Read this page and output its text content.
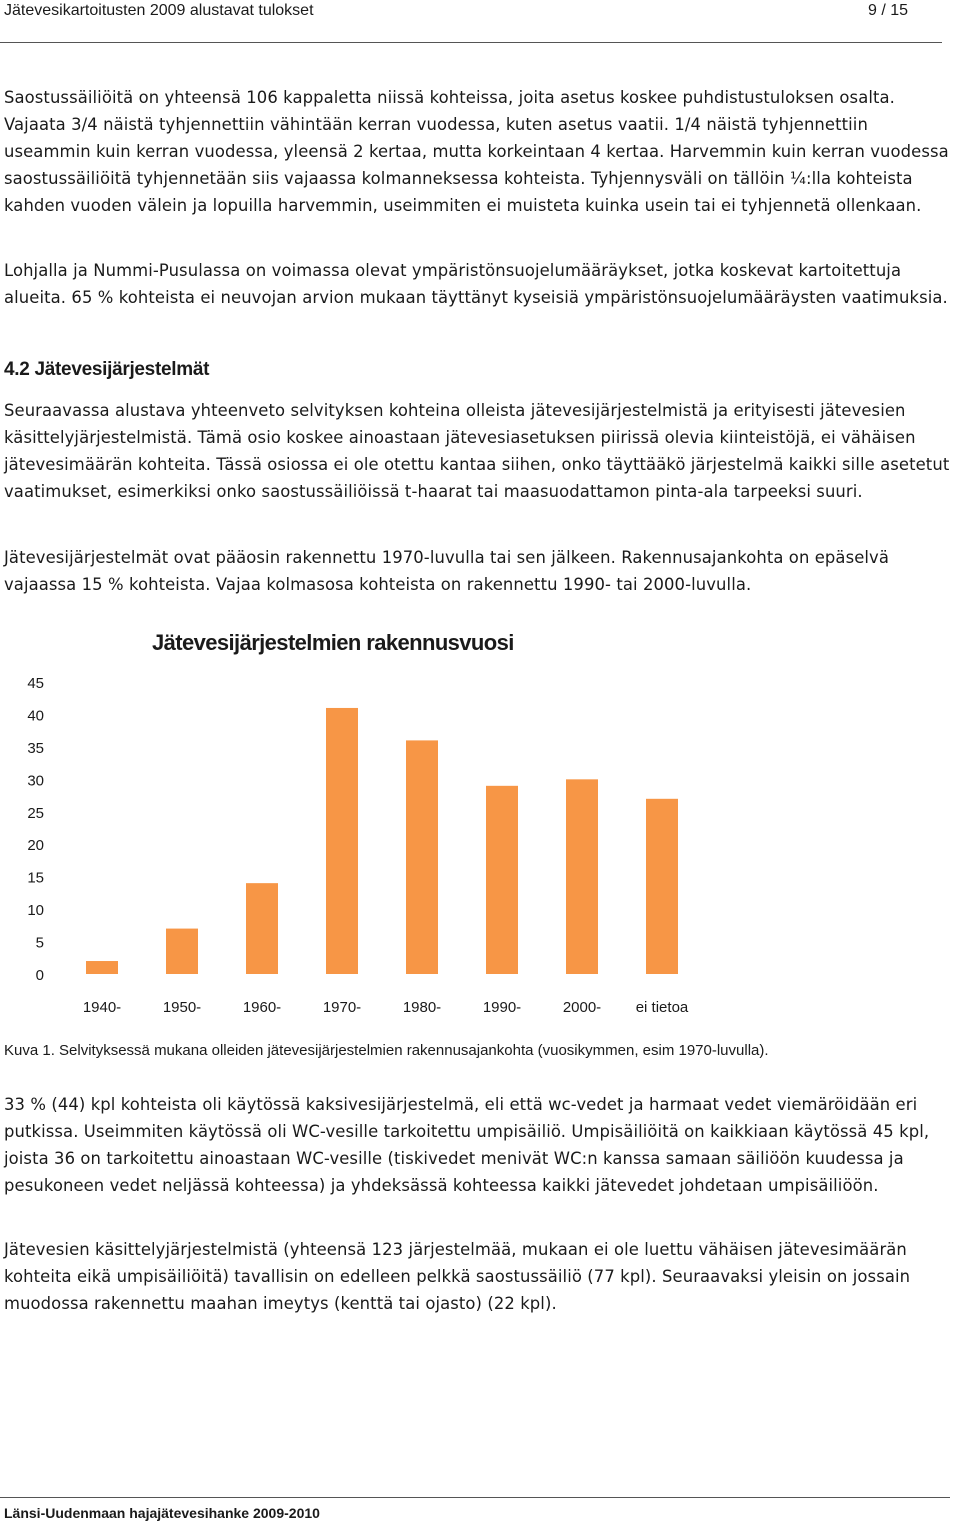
Jätevesikartoitusten 2009 alustavat tulokset	9 / 15

Saostussäiliöitä on yhteensä 106 kappaletta niissä kohteissa, joita asetus koskee puhdistustuloksen osalta. Vajaata 3/4 näistä tyhjennettiin vähintään kerran vuodessa, kuten asetus vaatii. 1/4 näistä tyhjennettiin useammin kuin kerran vuodessa, yleensä 2 kertaa, mutta korkeintaan 4 kertaa. Harvemmin kuin kerran vuodessa saostussäiliöitä tyhjennetään siis vajaassa kolmanneksessa kohteista. Tyhjennysväli on tällöin ¼:lla kohteista kahden vuoden välein ja lopuilla harvemmin, useimmiten ei muisteta kuinka usein tai ei tyhjennetä ollenkaan.

Lohjalla ja Nummi-Pusulassa on voimassa olevat ympäristönsuojelumääräykset, jotka koskevat kartoitettuja alueita. 65 % kohteista ei neuvojan arvion mukaan täyttänyt kyseisiä ympäristönsuojelumääräysten vaatimuksia.

4.2 Jätevesijärjestelmät

Seuraavassa alustava yhteenveto selvityksen kohteina olleista jätevesijärjestelmistä ja erityisesti jätevesien käsittelyjärjestelmistä. Tämä osio koskee ainoastaan jätevesiasetuksen piirissä olevia kiinteistöjä, ei vähäisen jätevesimäärän kohteita. Tässä osiossa ei ole otettu kantaa siihen, onko täyttääkö järjestelmä kaikki sille asetetut vaatimukset, esimerkiksi onko saostussäiliöissä t-haarat tai maasuodattamon pinta-ala tarpeeksi suuri.

Jätevesijärjestelmät ovat pääosin rakennettu 1970-luvulla tai sen jälkeen. Rakennusajankohta on epäselvä vajaassa 15 % kohteista. Vajaa kolmasosa kohteista on rakennettu 1990- tai 2000-luvulla.

Jätevesijärjestelmien rakennusvuosi
0
5
10
15
20
25
30
35
40
45
1940-	1950-	1960-	1970-	1980-	1990-	2000- ei tietoa

Kuva 1. Selvityksessä mukana olleiden jätevesijärjestelmien rakennusajankohta (vuosikymmen, esim 1970-luvulla).

33 % (44) kpl kohteista oli käytössä kaksivesijärjestelmä, eli että wc-vedet ja harmaat vedet viemäröidään eri putkissa. Useimmiten käytössä oli WC-vesille tarkoitettu umpisäiliö. Umpisäiliöitä on kaikkiaan käytössä 45 kpl, joista 36 on tarkoitettu ainoastaan WC-vesille (tiskivedet menivät WC:n kanssa samaan säiliöön kuudessa ja pesukoneen vedet neljässä kohteessa) ja yhdeksässä kohteessa kaikki jätevedet johdetaan umpisäiliöön.

Jätevesien käsittelyjärjestelmistä (yhteensä 123 järjestelmää, mukaan ei ole luettu vähäisen jätevesimäärän kohteita eikä umpisäiliöitä) tavallisin on edelleen pelkkä saostussäiliö (77 kpl). Seuraavaksi yleisin on jossain muodossa rakennettu maahan imeytys (kenttä tai ojasto) (22 kpl).

Länsi-Uudenmaan hajajätevesihanke 2009-2010
